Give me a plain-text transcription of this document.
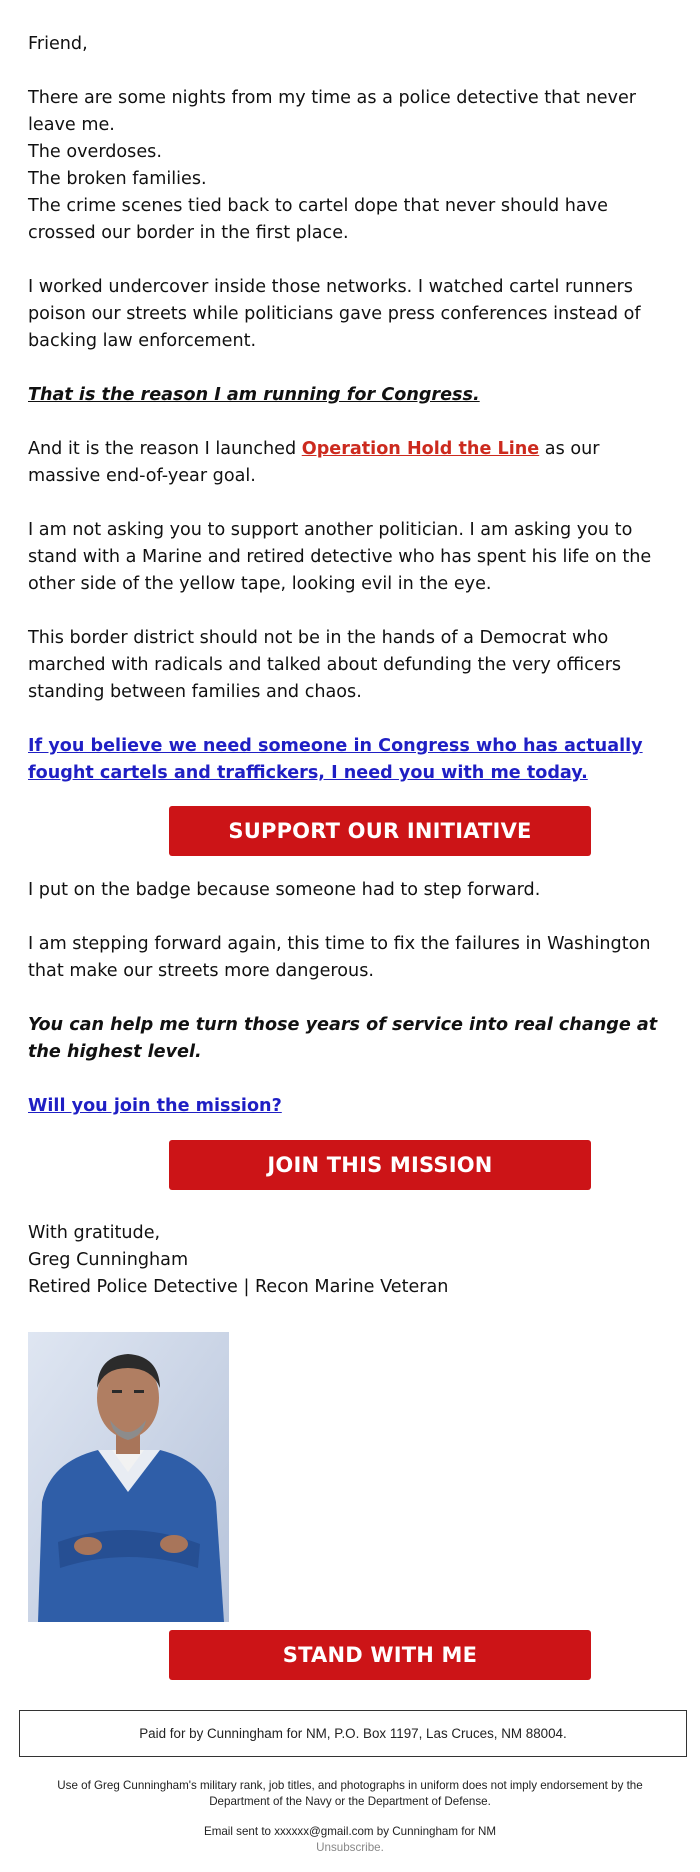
Friend,

There are some nights from my time as a police detective that never leave me.

The overdoses.

The broken families.

The crime scenes tied back to cartel dope that never should have crossed our border in the first place.

I worked undercover inside those networks. I watched cartel runners poison our streets while politicians gave press conferences instead of backing law enforcement.

That is the reason I am running for Congress.

And it is the reason I launched Operation Hold the Line as our massive end-of-year goal.

I am not asking you to support another politician. I am asking you to stand with a Marine and retired detective who has spent his life on the other side of the yellow tape, looking evil in the eye.

This border district should not be in the hands of a Democrat who marched with radicals and talked about defunding the very officers standing between families and chaos.

If you believe we need someone in Congress who has actually fought cartels and traffickers, I need you with me today.

SUPPORT OUR INITIATIVE

I put on the badge because someone had to step forward.

I am stepping forward again, this time to fix the failures in Washington that make our streets more dangerous.

You can help me turn those years of service into real change at the highest level.

Will you join the mission?

JOIN THIS MISSION

With gratitude,

Greg Cunningham

Retired Police Detective | Recon Marine Veteran

STAND WITH ME
Paid for by Cunningham for NM, P.O. Box 1197, Las Cruces, NM 88004.
Use of Greg Cunningham's military rank, job titles, and photographs in uniform does not imply endorsement by the Department of the Navy or the Department of Defense.
Email sent to xxxxxx@gmail.com by Cunningham for NM
Unsubscribe.
